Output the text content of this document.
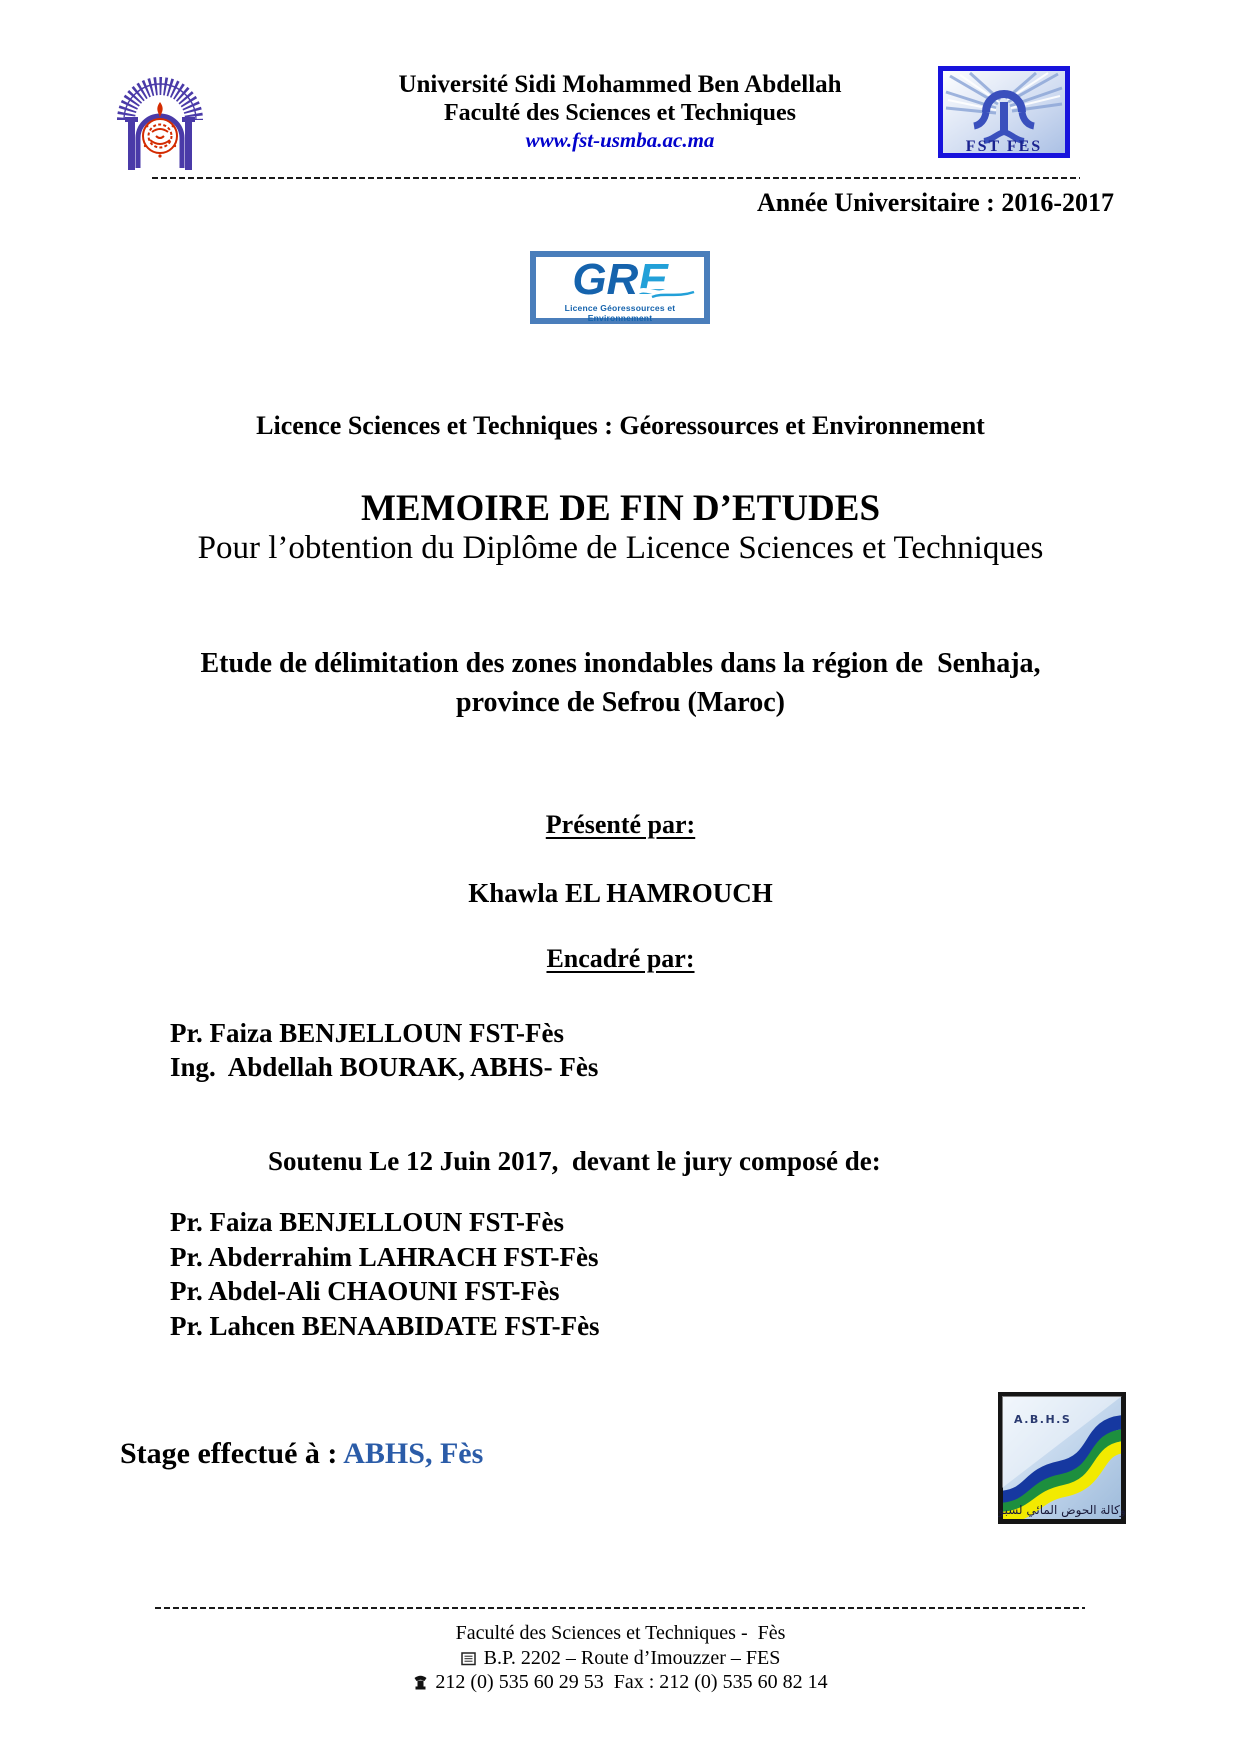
Université Sidi Mohammed Ben Abdellah
Faculté des Sciences et Techniques
www.fst-usmba.ac.ma	FST FES
Année Universitaire : 2016-2017
GRE
Licence Géoressources et Environnement
Licence Sciences et Techniques : Géoressources et Environnement
MEMOIRE DE FIN D’ETUDES
Pour l’obtention du Diplôme de Licence Sciences et Techniques
Etude de délimitation des zones inondables dans la région de  Senhaja,
province de Sefrou (Maroc)
Présenté par:
Khawla EL HAMROUCH
Encadré par:
Pr. Faiza BENJELLOUN FST-Fès
Ing.  Abdellah BOURAK, ABHS- Fès
Soutenu Le 12 Juin 2017,  devant le jury composé de:
Pr. Faiza BENJELLOUN FST-Fès
Pr. Abderrahim LAHRACH FST-Fès
Pr. Abdel-Ali CHAOUNI FST-Fès
Pr. Lahcen BENAABIDATE FST-Fès
Stage effectué à : ABHS, Fès
A.B.H.S
وكالة الحوض المائي لسبو
Faculté des Sciences et Techniques -  Fès
B.P. 2202 – Route d’Imouzzer – FES
212 (0) 535 60 29 53  Fax : 212 (0) 535 60 82 14
